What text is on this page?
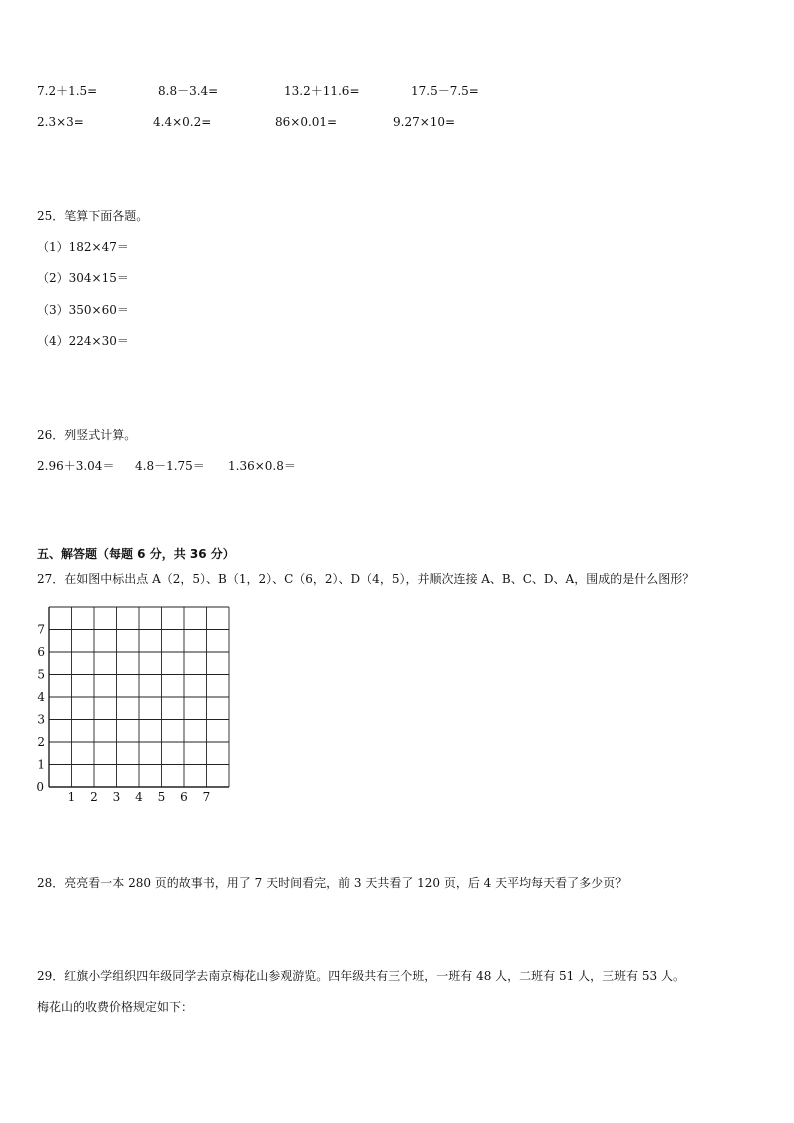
7.2＋1.5=	8.8－3.4=	13.2＋11.6=	17.5－7.5=
2.3×3=	4.4×0.2=	86×0.01=	9.27×10=
25．笔算下面各题。
（1）182×47＝
（2）304×15＝
（3）350×60＝
（4）224×30＝
26．列竖式计算。
2.96＋3.04＝ 4.8－1.75＝ 1.36×0.8＝
五、解答题（每题 6 分，共 36 分）
27．在如图中标出点 A（2，5）、B（1，2）、C（6，2）、D（4，5），并顺次连接 A、B、C、D、A，围成的是什么图形？
0
1 2 3 4 5 6 7
1
2
3
4
5
6
7
28．亮亮看一本 280 页的故事书，用了 7 天时间看完，前 3 天共看了 120 页，后 4 天平均每天看了多少页？
29．红旗小学组织四年级同学去南京梅花山参观游览。四年级共有三个班，一班有 48 人，二班有 51 人，三班有 53 人。
梅花山的收费价格规定如下：
